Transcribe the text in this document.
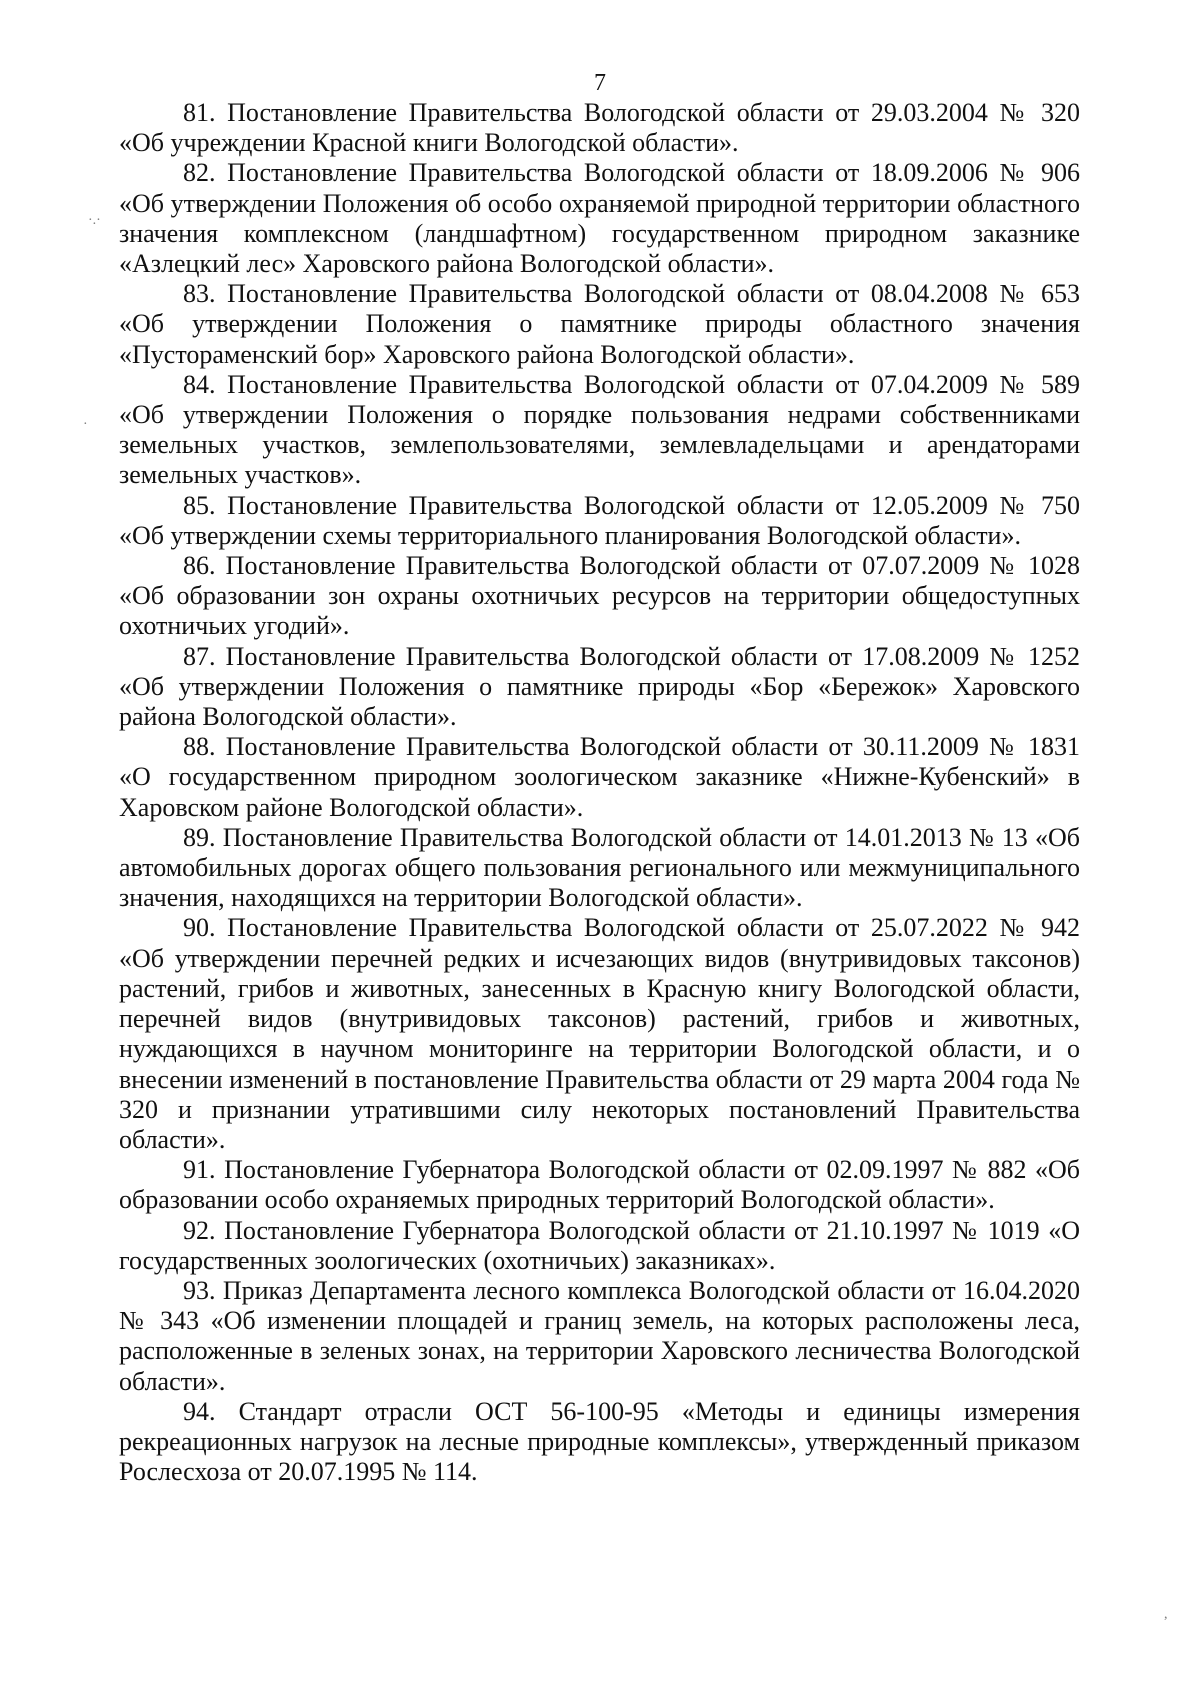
7

81. Постановление Правительства Вологодской области от 29.03.2004 № 320 «Об учреждении Красной книги Вологодской области».

82. Постановление Правительства Вологодской области от 18.09.2006 № 906 «Об утверждении Положения об особо охраняемой природной территории областного значения комплексном (ландшафтном) государственном природном заказнике «Азлецкий лес» Харовского района Вологодской области».

83. Постановление Правительства Вологодской области от 08.04.2008 № 653 «Об утверждении Положения о памятнике природы областного значения «Пустораменский бор» Харовского района Вологодской области».

84. Постановление Правительства Вологодской области от 07.04.2009 № 589 «Об утверждении Положения о порядке пользования недрами собственниками земельных участков, землепользователями, землевладельцами и арендаторами земельных участков».

85. Постановление Правительства Вологодской области от 12.05.2009 № 750 «Об утверждении схемы территориального планирования Вологодской области».

86. Постановление Правительства Вологодской области от 07.07.2009 № 1028 «Об образовании зон охраны охотничьих ресурсов на территории общедоступных охотничьих угодий».

87. Постановление Правительства Вологодской области от 17.08.2009 № 1252 «Об утверждении Положения о памятнике природы «Бор «Бережок» Харовского района Вологодской области».

88. Постановление Правительства Вологодской области от 30.11.2009 № 1831 «О государственном природном зоологическом заказнике «Нижне-Кубенский» в Харовском районе Вологодской области».

89. Постановление Правительства Вологодской области от 14.01.2013 № 13 «Об автомобильных дорогах общего пользования регионального или межмуниципального значения, находящихся на территории Вологодской области».

90. Постановление Правительства Вологодской области от 25.07.2022 № 942 «Об утверждении перечней редких и исчезающих видов (внутривидовых таксонов) растений, грибов и животных, занесенных в Красную книгу Вологодской области, перечней видов (внутривидовых таксонов) растений, грибов и животных, нуждающихся в научном мониторинге на территории Вологодской области, и о внесении изменений в постановление Правительства области от 29 марта 2004 года № 320 и признании утратившими силу некоторых постановлений Правительства области».

91. Постановление Губернатора Вологодской области от 02.09.1997 № 882 «Об образовании особо охраняемых природных территорий Вологодской области».

92. Постановление Губернатора Вологодской области от 21.10.1997 № 1019 «О государственных зоологических (охотничьих) заказниках».

93. Приказ Департамента лесного комплекса Вологодской области от 16.04.2020 № 343 «Об изменении площадей и границ земель, на которых расположены леса, расположенные в зеленых зонах, на территории Харовского лесничества Вологодской области».

94. Стандарт отрасли ОСТ 56-100-95 «Методы и единицы измерения рекреационных нагрузок на лесные природные комплексы», утвержденный приказом Рослесхоза от 20.07.1995 № 114.

·.·
·
,
